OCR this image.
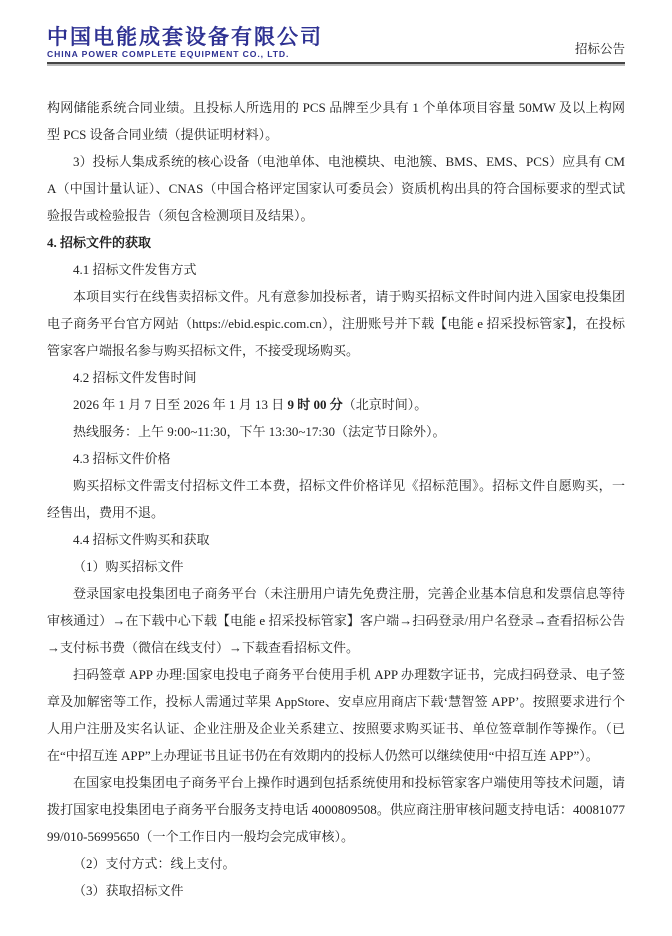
中国电能成套设备有限公司
CHINA POWER COMPLETE EQUIPMENT CO., LTD.	招标公告

构网储能系统合同业绩。且投标人所选用的 PCS 品牌至少具有 1 个单体项目容量 50MW 及以上构网型 PCS 设备合同业绩（提供证明材料）。

3）投标人集成系统的核心设备（电池单体、电池模块、电池簇、BMS、EMS、PCS）应具有 CMA（中国计量认证）、CNAS（中国合格评定国家认可委员会）资质机构出具的符合国标要求的型式试验报告或检验报告（须包含检测项目及结果）。

4. 招标文件的获取

4.1 招标文件发售方式

本项目实行在线售卖招标文件。凡有意参加投标者，请于购买招标文件时间内进入国家电投集团电子商务平台官方网站（https://ebid.espic.com.cn），注册账号并下载【电能 e 招采投标管家】，在投标管家客户端报名参与购买招标文件，不接受现场购买。

4.2 招标文件发售时间

2026 年 1 月 7 日至 2026 年 1 月 13 日 9 时 00 分（北京时间）。

热线服务：上午 9:00~11:30，下午 13:30~17:30（法定节日除外）。

4.3 招标文件价格

购买招标文件需支付招标文件工本费，招标文件价格详见《招标范围》。招标文件自愿购买，一经售出，费用不退。

4.4 招标文件购买和获取

（1）购买招标文件

登录国家电投集团电子商务平台（未注册用户请先免费注册，完善企业基本信息和发票信息等待审核通过）→在下载中心下载【电能 e 招采投标管家】客户端→扫码登录/用户名登录→查看招标公告→支付标书费（微信在线支付）→下载查看招标文件。

扫码签章 APP 办理:国家电投电子商务平台使用手机 APP 办理数字证书，完成扫码登录、电子签章及加解密等工作，投标人需通过苹果 AppStore、安卓应用商店下载‘慧智签 APP’。按照要求进行个人用户注册及实名认证、企业注册及企业关系建立、按照要求购买证书、单位签章制作等操作。（已在“中招互连 APP”上办理证书且证书仍在有效期内的投标人仍然可以继续使用“中招互连 APP”）。

在国家电投集团电子商务平台上操作时遇到包括系统使用和投标管家客户端使用等技术问题，请拨打国家电投集团电子商务平台服务支持电话 4000809508。供应商注册审核问题支持电话：4008107799/010-56995650（一个工作日内一般均会完成审核）。

（2）支付方式：线上支付。

（3）获取招标文件
